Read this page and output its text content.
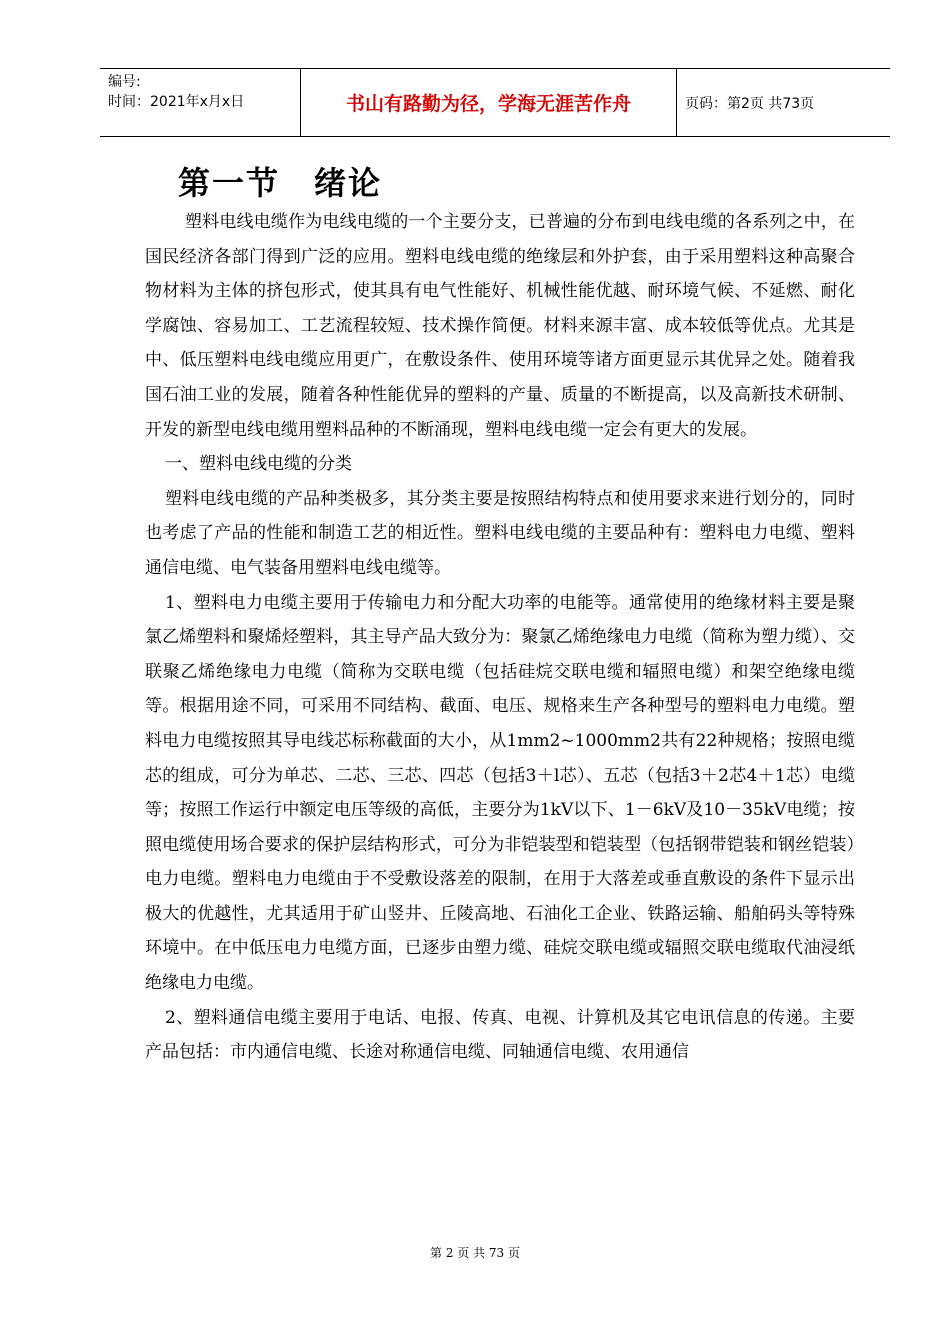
编号:
时间：2021年x月x日	书山有路勤为径，学海无涯苦作舟	页码：第2页 共73页
第一节　绪论

塑料电线电缆作为电线电缆的一个主要分支，已普遍的分布到电线电缆的各系列之中，在国民经济各部门得到广泛的应用。塑料电线电缆的绝缘层和外护套，由于采用塑料这种高聚合物材料为主体的挤包形式，使其具有电气性能好、机械性能优越、耐环境气候、不延燃、耐化学腐蚀、容易加工、工艺流程较短、技术操作简便。材料来源丰富、成本较低等优点。尤其是中、低压塑料电线电缆应用更广，在敷设条件、使用环境等诸方面更显示其优异之处。随着我国石油工业的发展，随着各种性能优异的塑料的产量、质量的不断提高，以及高新技术研制、开发的新型电线电缆用塑料品种的不断涌现，塑料电线电缆一定会有更大的发展。

一、塑料电线电缆的分类

塑料电线电缆的产品种类极多，其分类主要是按照结构特点和使用要求来进行划分的，同时也考虑了产品的性能和制造工艺的相近性。塑料电线电缆的主要品种有：塑料电力电缆、塑料通信电缆、电气装备用塑料电线电缆等。

1、塑料电力电缆主要用于传输电力和分配大功率的电能等。通常使用的绝缘材料主要是聚氯乙烯塑料和聚烯烃塑料，其主导产品大致分为：聚氯乙烯绝缘电力电缆（简称为塑力缆）、交联聚乙烯绝缘电力电缆（简称为交联电缆（包括硅烷交联电缆和辐照电缆）和架空绝缘电缆等。根据用途不同，可采用不同结构、截面、电压、规格来生产各种型号的塑料电力电缆。塑料电力电缆按照其导电线芯标称截面的大小，从1mm2~1000mm2共有22种规格；按照电缆芯的组成，可分为单芯、二芯、三芯、四芯（包括3＋l芯）、五芯（包括3＋2芯4＋1芯）电缆等；按照工作运行中额定电压等级的高低，主要分为1kV以下、1－6kV及10－35kV电缆；按照电缆使用场合要求的保护层结构形式，可分为非铠装型和铠装型（包括钢带铠装和钢丝铠装）电力电缆。塑料电力电缆由于不受敷设落差的限制，在用于大落差或垂直敷设的条件下显示出极大的优越性，尤其适用于矿山竖井、丘陵高地、石油化工企业、铁路运输、船舶码头等特殊环境中。在中低压电力电缆方面，已逐步由塑力缆、硅烷交联电缆或辐照交联电缆取代油浸纸绝缘电力电缆。

2、塑料通信电缆主要用于电话、电报、传真、电视、计算机及其它电讯信息的传递。主要产品包括：市内通信电缆、长途对称通信电缆、同轴通信电缆、农用通信

第 2 页 共 73 页
